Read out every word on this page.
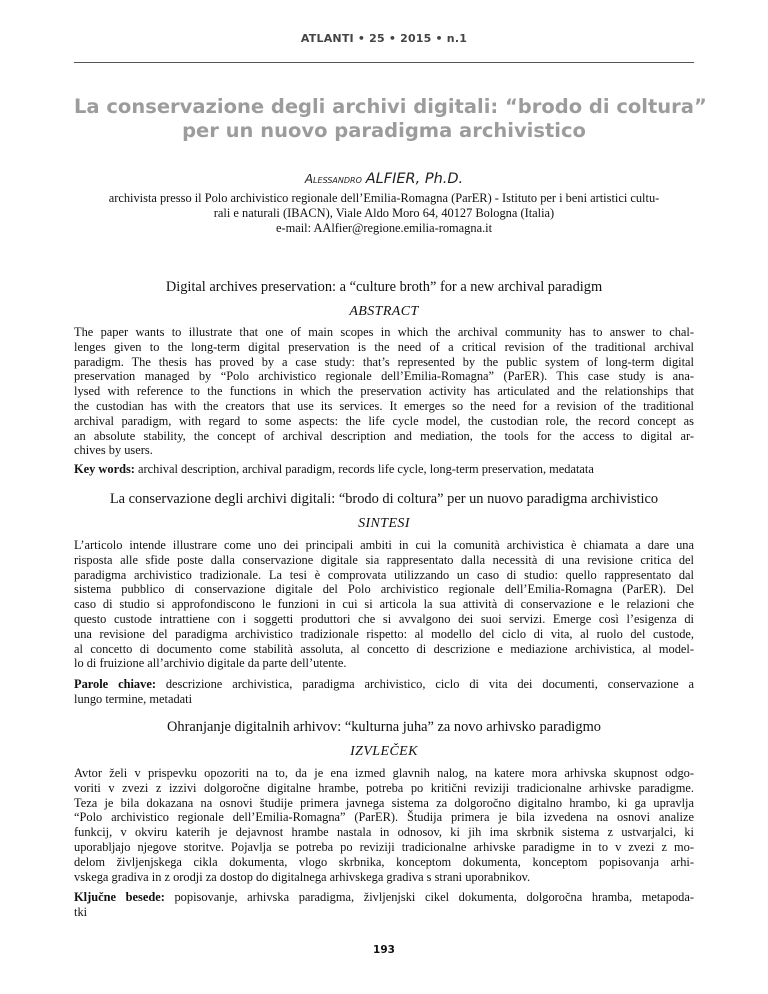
ATLANTI • 25 • 2015 • n.1
La conservazione degli archivi digitali: “brodo di coltura”
per un nuovo paradigma archivistico
Alessandro ALFIER, Ph.D.
archivista presso il Polo archivistico regionale dell’Emilia-Romagna (ParER) - Istituto per i beni artistici cultu-
rali e naturali (IBACN), Viale Aldo Moro 64, 40127 Bologna (Italia)
e-mail: AAlfier@regione.emilia-romagna.it
Digital archives preservation: a “culture broth” for a new archival paradigm
ABSTRACT
The paper wants to illustrate that one of main scopes in which the archival community has to answer to chal-
lenges given to the long-term digital preservation is the need of a critical revision of the traditional archival
paradigm. The thesis has proved by a case study: that’s represented by the public system of long-term digital
preservation managed by “Polo archivistico regionale dell’Emilia-Romagna” (ParER). This case study is ana-
lysed with reference to the functions in which the preservation activity has articulated and the relationships that
the custodian has with the creators that use its services. It emerges so the need for a revision of the traditional
archival paradigm, with regard to some aspects: the life cycle model, the custodian role, the record concept as
an absolute stability, the concept of archival description and mediation, the tools for the access to digital ar-
chives by users.
Key words: archival description, archival paradigm, records life cycle, long-term preservation, medatata
La conservazione degli archivi digitali: “brodo di coltura” per un nuovo paradigma archivistico
SINTESI
L’articolo intende illustrare come uno dei principali ambiti in cui la comunità archivistica è chiamata a dare una
risposta alle sfide poste dalla conservazione digitale sia rappresentato dalla necessità di una revisione critica del
paradigma archivistico tradizionale. La tesi è comprovata utilizzando un caso di studio: quello rappresentato dal
sistema pubblico di conservazione digitale del Polo archivistico regionale dell’Emilia-Romagna (ParER). Del
caso di studio si approfondiscono le funzioni in cui si articola la sua attività di conservazione e le relazioni che
questo custode intrattiene con i soggetti produttori che si avvalgono dei suoi servizi. Emerge così l’esigenza di
una revisione del paradigma archivistico tradizionale rispetto: al modello del ciclo di vita, al ruolo del custode,
al concetto di documento come stabilità assoluta, al concetto di descrizione e mediazione archivistica, al model-
lo di fruizione all’archivio digitale da parte dell’utente.
Parole chiave: descrizione archivistica, paradigma archivistico, ciclo di vita dei documenti, conservazione a
lungo termine, metadati
Ohranjanje digitalnih arhivov: “kulturna juha” za novo arhivsko paradigmo
IZVLEČEK
Avtor želi v prispevku opozoriti na to, da je ena izmed glavnih nalog, na katere mora arhivska skupnost odgo-
voriti v zvezi z izzivi dolgoročne digitalne hrambe, potreba po kritični reviziji tradicionalne arhivske paradigme.
Teza je bila dokazana na osnovi študije primera javnega sistema za dolgoročno digitalno hrambo, ki ga upravlja
“Polo archivistico regionale dell’Emilia-Romagna” (ParER). Študija primera je bila izvedena na osnovi analize
funkcij, v okviru katerih je dejavnost hrambe nastala in odnosov, ki jih ima skrbnik sistema z ustvarjalci, ki
uporabljajo njegove storitve. Pojavlja se potreba po reviziji tradicionalne arhivske paradigme in to v zvezi z mo-
delom življenjskega cikla dokumenta, vlogo skrbnika, konceptom dokumenta, konceptom popisovanja arhi-
vskega gradiva in z orodji za dostop do digitalnega arhivskega gradiva s strani uporabnikov.
Ključne besede: popisovanje, arhivska paradigma, življenjski cikel dokumenta, dolgoročna hramba, metapoda-
tki
193
